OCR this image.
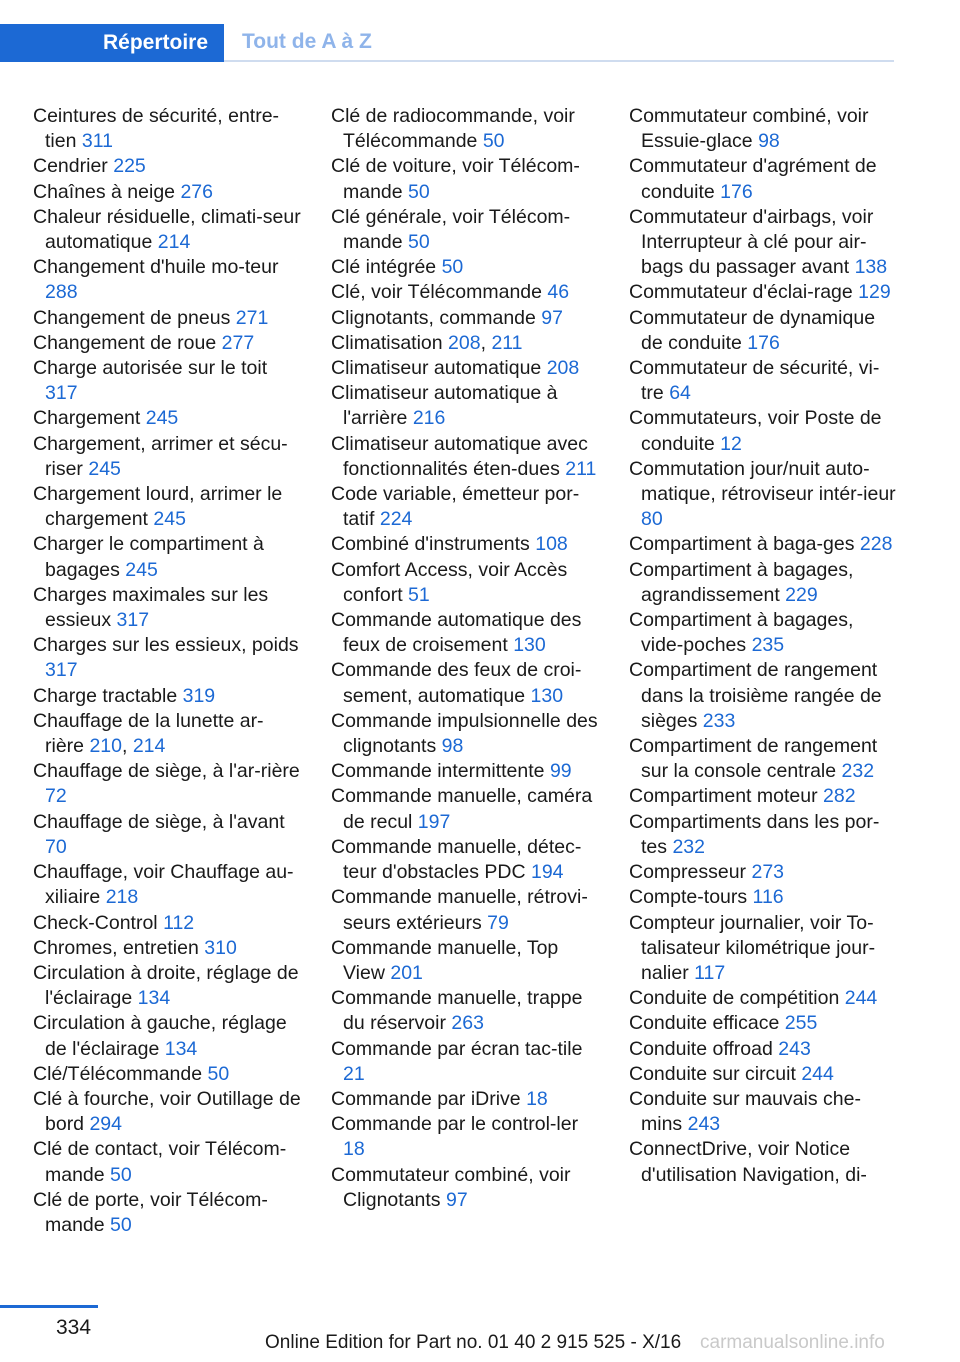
Répertoire	Tout de A à Z

Ceintures de sécurité, entre-tien 311

Cendrier 225

Chaînes à neige 276

Chaleur résiduelle, climati-seur automatique 214

Changement d'huile mo-teur 288

Changement de pneus 271

Changement de roue 277

Charge autorisée sur le toit 317

Chargement 245

Chargement, arrimer et sécu-riser 245

Chargement lourd, arrimer le chargement 245

Charger le compartiment à bagages 245

Charges maximales sur les essieux 317

Charges sur les essieux, poids 317

Charge tractable 319

Chauffage de la lunette ar-rière 210, 214

Chauffage de siège, à l'ar-rière 72

Chauffage de siège, à l'avant 70

Chauffage, voir Chauffage au-xiliaire 218

Check-Control 112

Chromes, entretien 310

Circulation à droite, réglage de l'éclairage 134

Circulation à gauche, réglage de l'éclairage 134

Clé/Télécommande 50

Clé à fourche, voir Outillage de bord 294

Clé de contact, voir Télécom-mande 50

Clé de porte, voir Télécom-mande 50

Clé de radiocommande, voir Télécommande 50

Clé de voiture, voir Télécom-mande 50

Clé générale, voir Télécom-mande 50

Clé intégrée 50

Clé, voir Télécommande 46

Clignotants, commande 97

Climatisation 208, 211

Climatiseur automatique 208

Climatiseur automatique à l'arrière 216

Climatiseur automatique avec fonctionnalités éten-dues 211

Code variable, émetteur por-tatif 224

Combiné d'instruments 108

Comfort Access, voir Accès confort 51

Commande automatique des feux de croisement 130

Commande des feux de croi-sement, automatique 130

Commande impulsionnelle des clignotants 98

Commande intermittente 99

Commande manuelle, caméra de recul 197

Commande manuelle, détec-teur d'obstacles PDC 194

Commande manuelle, rétrovi-seurs extérieurs 79

Commande manuelle, Top View 201

Commande manuelle, trappe du réservoir 263

Commande par écran tac-tile 21

Commande par iDrive 18

Commande par le control-ler 18

Commutateur combiné, voir Clignotants 97

Commutateur combiné, voir Essuie-glace 98

Commutateur d'agrément de conduite 176

Commutateur d'airbags, voir Interrupteur à clé pour air-bags du passager avant 138

Commutateur d'éclai-rage 129

Commutateur de dynamique de conduite 176

Commutateur de sécurité, vi-tre 64

Commutateurs, voir Poste de conduite 12

Commutation jour/nuit auto-matique, rétroviseur intér-ieur 80

Compartiment à baga-ges 228

Compartiment à bagages, agrandissement 229

Compartiment à bagages, vide-poches 235

Compartiment de rangement dans la troisième rangée de sièges 233

Compartiment de rangement sur la console centrale 232

Compartiment moteur 282

Compartiments dans les por-tes 232

Compresseur 273

Compte-tours 116

Compteur journalier, voir To-talisateur kilométrique jour-nalier 117

Conduite de compétition 244

Conduite efficace 255

Conduite offroad 243

Conduite sur circuit 244

Conduite sur mauvais che-mins 243

ConnectDrive, voir Notice d'utilisation Navigation, di-

334
Online Edition for Part no. 01 40 2 915 525 - X/16 carmanualsonline.info
